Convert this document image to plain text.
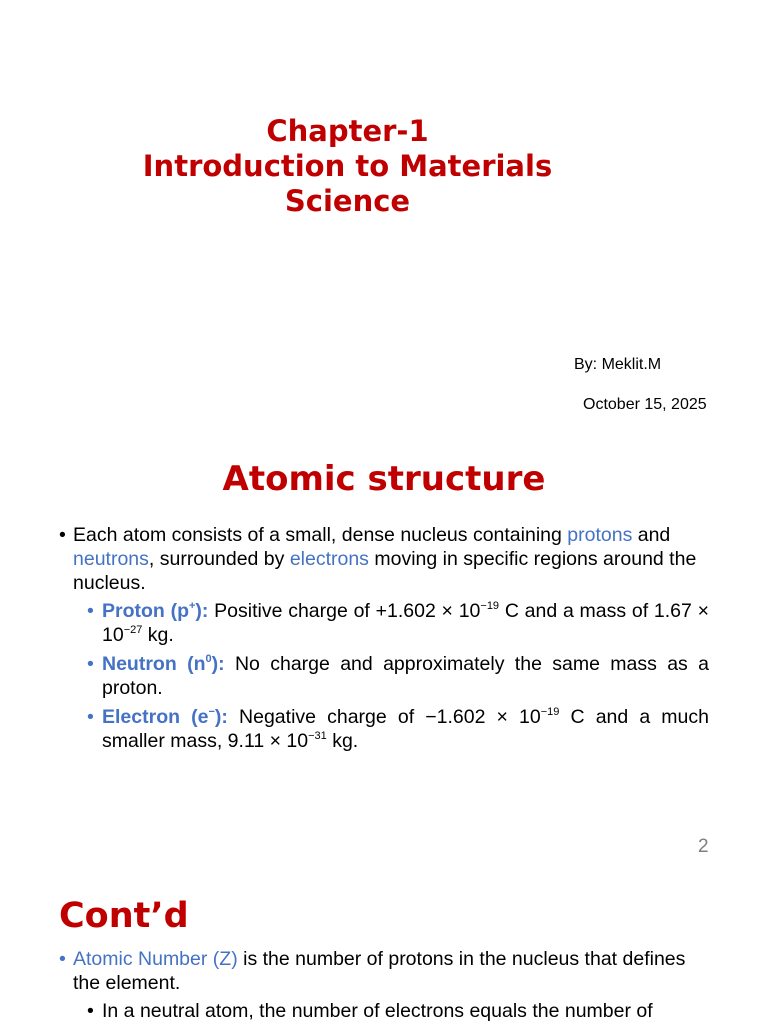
Chapter-1
Introduction to Materials
Science
By: Meklit.M
October 15, 2025
Atomic structure
• Each atom consists of a small, dense nucleus containing protons and neutrons, surrounded by electrons moving in specific regions around the nucleus.
• Proton (p+): Positive charge of $+1.602 \times 10^{-19}$ C and a mass of $1.67 \times 10^{-27}$ kg.
• Neutron $(n^0)$: No charge and approximately the same mass as a proton.
• Electron (e−): Negative charge of $-1.602 \times 10^{-19}$ C and a much smaller mass, $9.11 \times 10^{-31}$ kg.
2
Cont’d
• Atomic Number (Z) is the number of protons in the nucleus that defines the element.
• In a neutral atom, the number of electrons equals the number of
